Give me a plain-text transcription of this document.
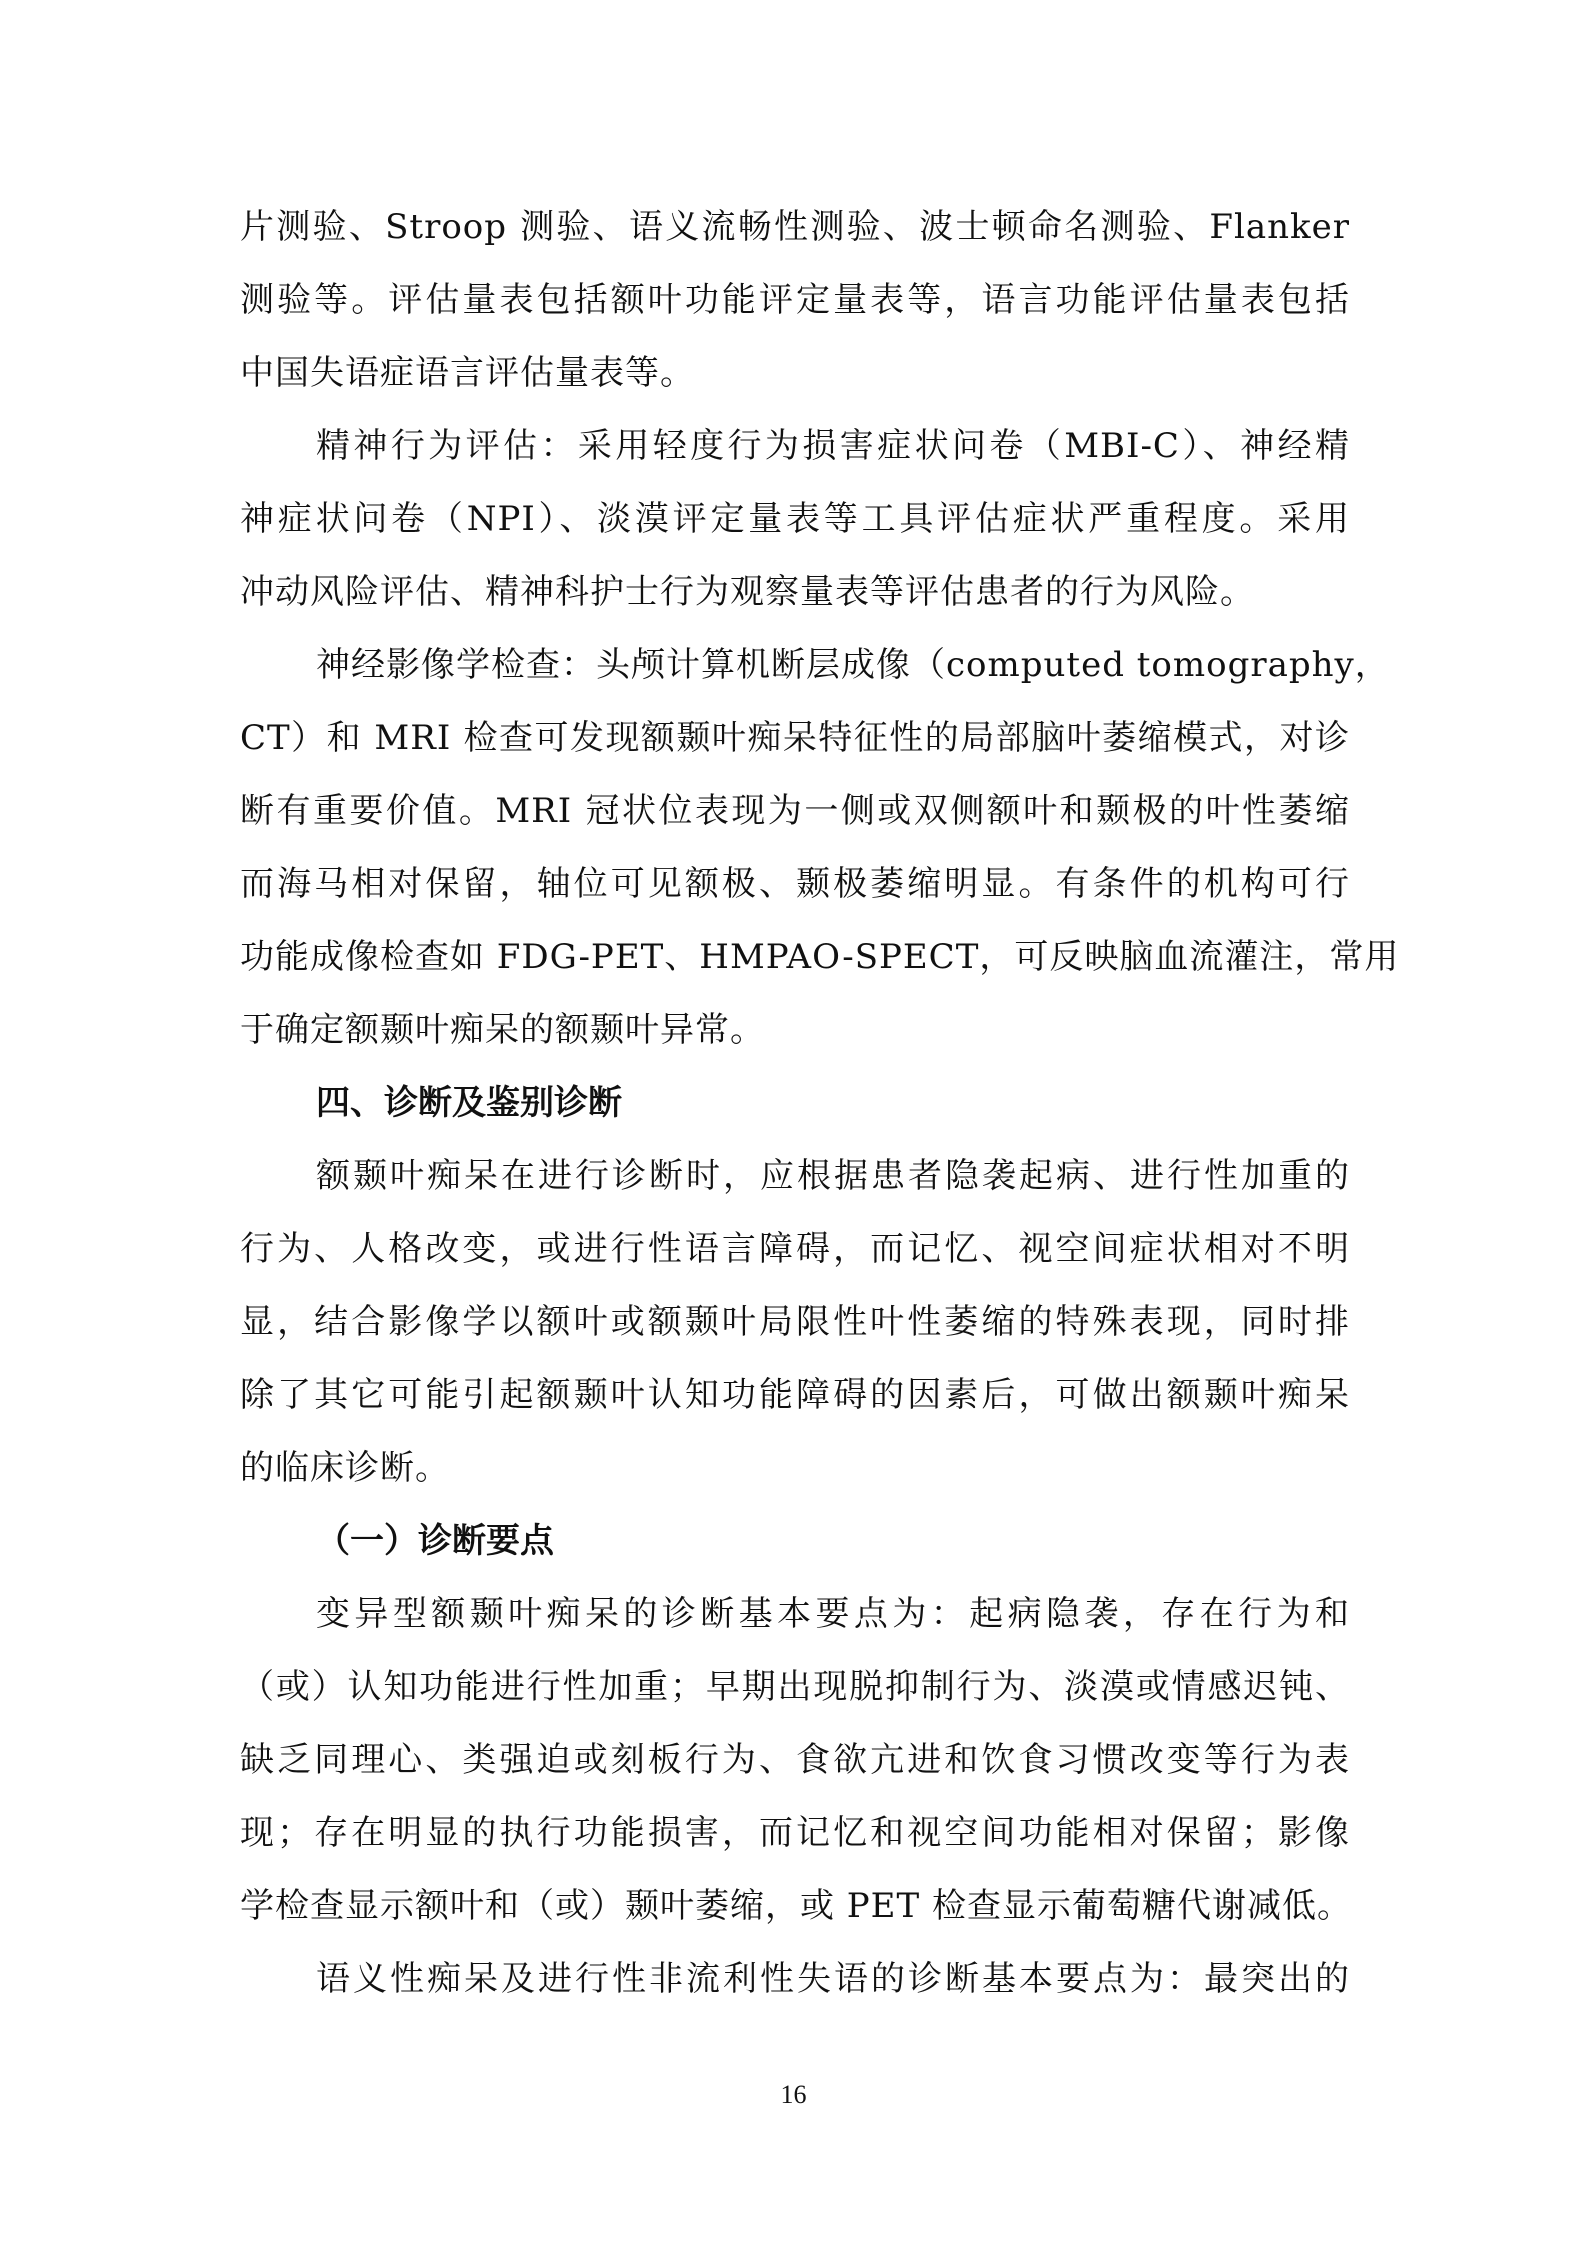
片测验、Stroop 测验、语义流畅性测验、波士顿命名测验、Flanker
测验等。评估量表包括额叶功能评定量表等，语言功能评估量表包括
中国失语症语言评估量表等。
精神行为评估：采用轻度行为损害症状问卷（MBI-C）、神经精
神症状问卷（NPI）、淡漠评定量表等工具评估症状严重程度。采用
冲动风险评估、精神科护士行为观察量表等评估患者的行为风险。
神经影像学检查：头颅计算机断层成像（computed tomography，
CT）和 MRI 检查可发现额颞叶痴呆特征性的局部脑叶萎缩模式，对诊
断有重要价值。MRI 冠状位表现为一侧或双侧额叶和颞极的叶性萎缩
而海马相对保留，轴位可见额极、颞极萎缩明显。有条件的机构可行
功能成像检查如 FDG-PET、HMPAO-SPECT，可反映脑血流灌注，常用
于确定额颞叶痴呆的额颞叶异常。
四、诊断及鉴别诊断
额颞叶痴呆在进行诊断时，应根据患者隐袭起病、进行性加重的
行为、人格改变，或进行性语言障碍，而记忆、视空间症状相对不明
显，结合影像学以额叶或额颞叶局限性叶性萎缩的特殊表现，同时排
除了其它可能引起额颞叶认知功能障碍的因素后，可做出额颞叶痴呆
的临床诊断。
（一）诊断要点
变异型额颞叶痴呆的诊断基本要点为：起病隐袭，存在行为和
（或）认知功能进行性加重；早期出现脱抑制行为、淡漠或情感迟钝、
缺乏同理心、类强迫或刻板行为、食欲亢进和饮食习惯改变等行为表
现；存在明显的执行功能损害，而记忆和视空间功能相对保留；影像
学检查显示额叶和（或）颞叶萎缩，或 PET 检查显示葡萄糖代谢减低。
语义性痴呆及进行性非流利性失语的诊断基本要点为：最突出的
16
